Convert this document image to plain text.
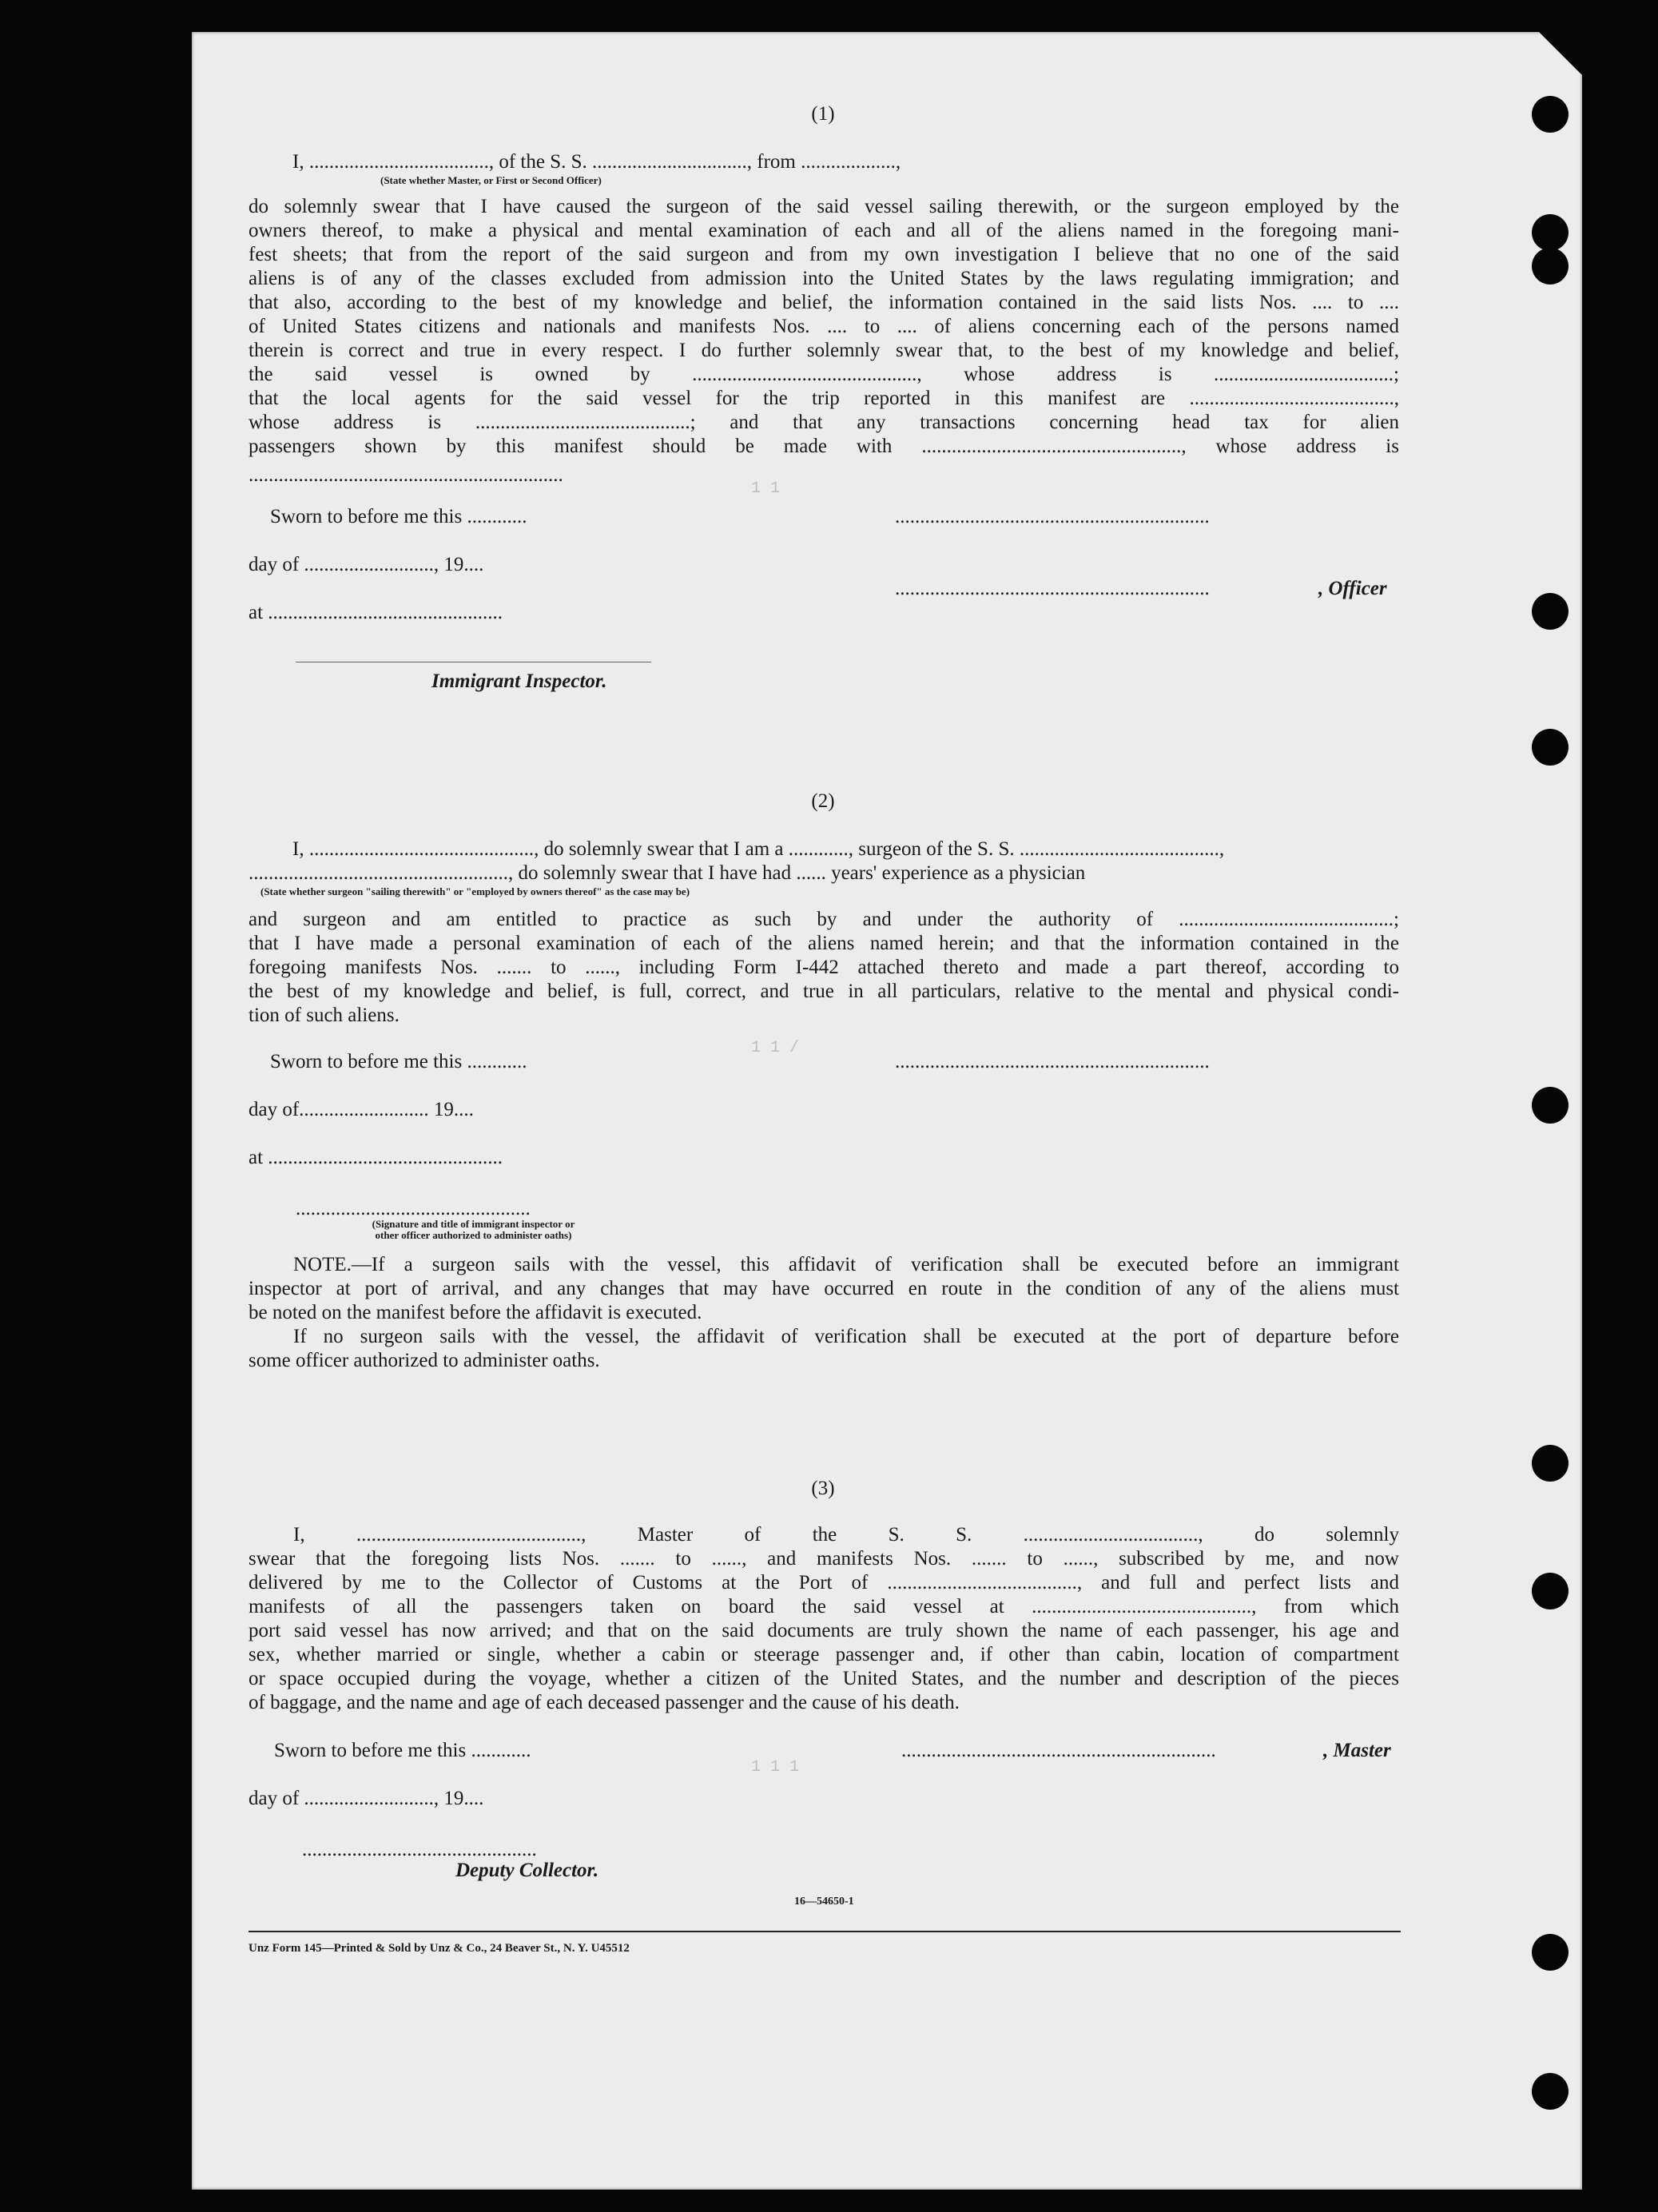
1 1
1 1 /
1 1 1
(1)
I, ...................................., of the S. S. ..............................., from ...................,
(State whether Master, or First or Second Officer)
do solemnly swear that I have caused the surgeon of the said vessel sailing therewith, or the surgeon employed by the
owners thereof, to make a physical and mental examination of each and all of the aliens named in the foregoing mani-
fest sheets; that from the report of the said surgeon and from my own investigation I believe that no one of the said
aliens is of any of the classes excluded from admission into the United States by the laws regulating immigration; and
that also, according to the best of my knowledge and belief, the information contained in the said lists Nos. .... to ....
of United States citizens and nationals and manifests Nos. .... to .... of aliens concerning each of the persons named
therein is correct and true in every respect. I do further solemnly swear that, to the best of my knowledge and belief,
the said vessel is owned by ............................................., whose address is ....................................;
that the local agents for the said vessel for the trip reported in this manifest are .........................................,
whose address is ...........................................; and that any transactions concerning head tax for alien
passengers shown by this manifest should be made with ...................................................., whose address is
...............................................................
Sworn to before me this ............	...............................................................
day of .........................., 19....
...............................................................	, Officer
at ...............................................
Immigrant Inspector.
(2)
I, ............................................., do solemnly swear that I am a ............, surgeon of the S. S. ........................................,
...................................................., do solemnly swear that I have had ...... years' experience as a physician
(State whether surgeon "sailing therewith" or "employed by owners thereof" as the case may be)
and surgeon and am entitled to practice as such by and under the authority of ...........................................;
that I have made a personal examination of each of the aliens named herein; and that the information contained in the
foregoing manifests Nos. ....... to ......, including Form I-442 attached thereto and made a part thereof, according to
the best of my knowledge and belief, is full, correct, and true in all particulars, relative to the mental and physical condi-
tion of such aliens.
Sworn to before me this ............	...............................................................
day of.......................... 19....
at ...............................................
...............................................
(Signature and title of immigrant inspector or
other officer authorized to administer oaths)
NOTE.—If a surgeon sails with the vessel, this affidavit of verification shall be executed before an immigrant
inspector at port of arrival, and any changes that may have occurred en route in the condition of any of the aliens must
be noted on the manifest before the affidavit is executed.
If no surgeon sails with the vessel, the affidavit of verification shall be executed at the port of departure before
some officer authorized to administer oaths.
(3)
I, ............................................., Master of the S. S. ..................................., do solemnly
swear that the foregoing lists Nos. ....... to ......, and manifests Nos. ....... to ......, subscribed by me, and now
delivered by me to the Collector of Customs at the Port of ......................................, and full and perfect lists and
manifests of all the passengers taken on board the said vessel at ............................................, from which
port said vessel has now arrived; and that on the said documents are truly shown the name of each passenger, his age and
sex, whether married or single, whether a cabin or steerage passenger and, if other than cabin, location of compartment
or space occupied during the voyage, whether a citizen of the United States, and the number and description of the pieces
of baggage, and the name and age of each deceased passenger and the cause of his death.
Sworn to before me this ............	...............................................................	, Master
day of .........................., 19....
...............................................
Deputy Collector.
16—54650-1
Unz Form 145—Printed & Sold by Unz & Co., 24 Beaver St., N. Y. U45512
